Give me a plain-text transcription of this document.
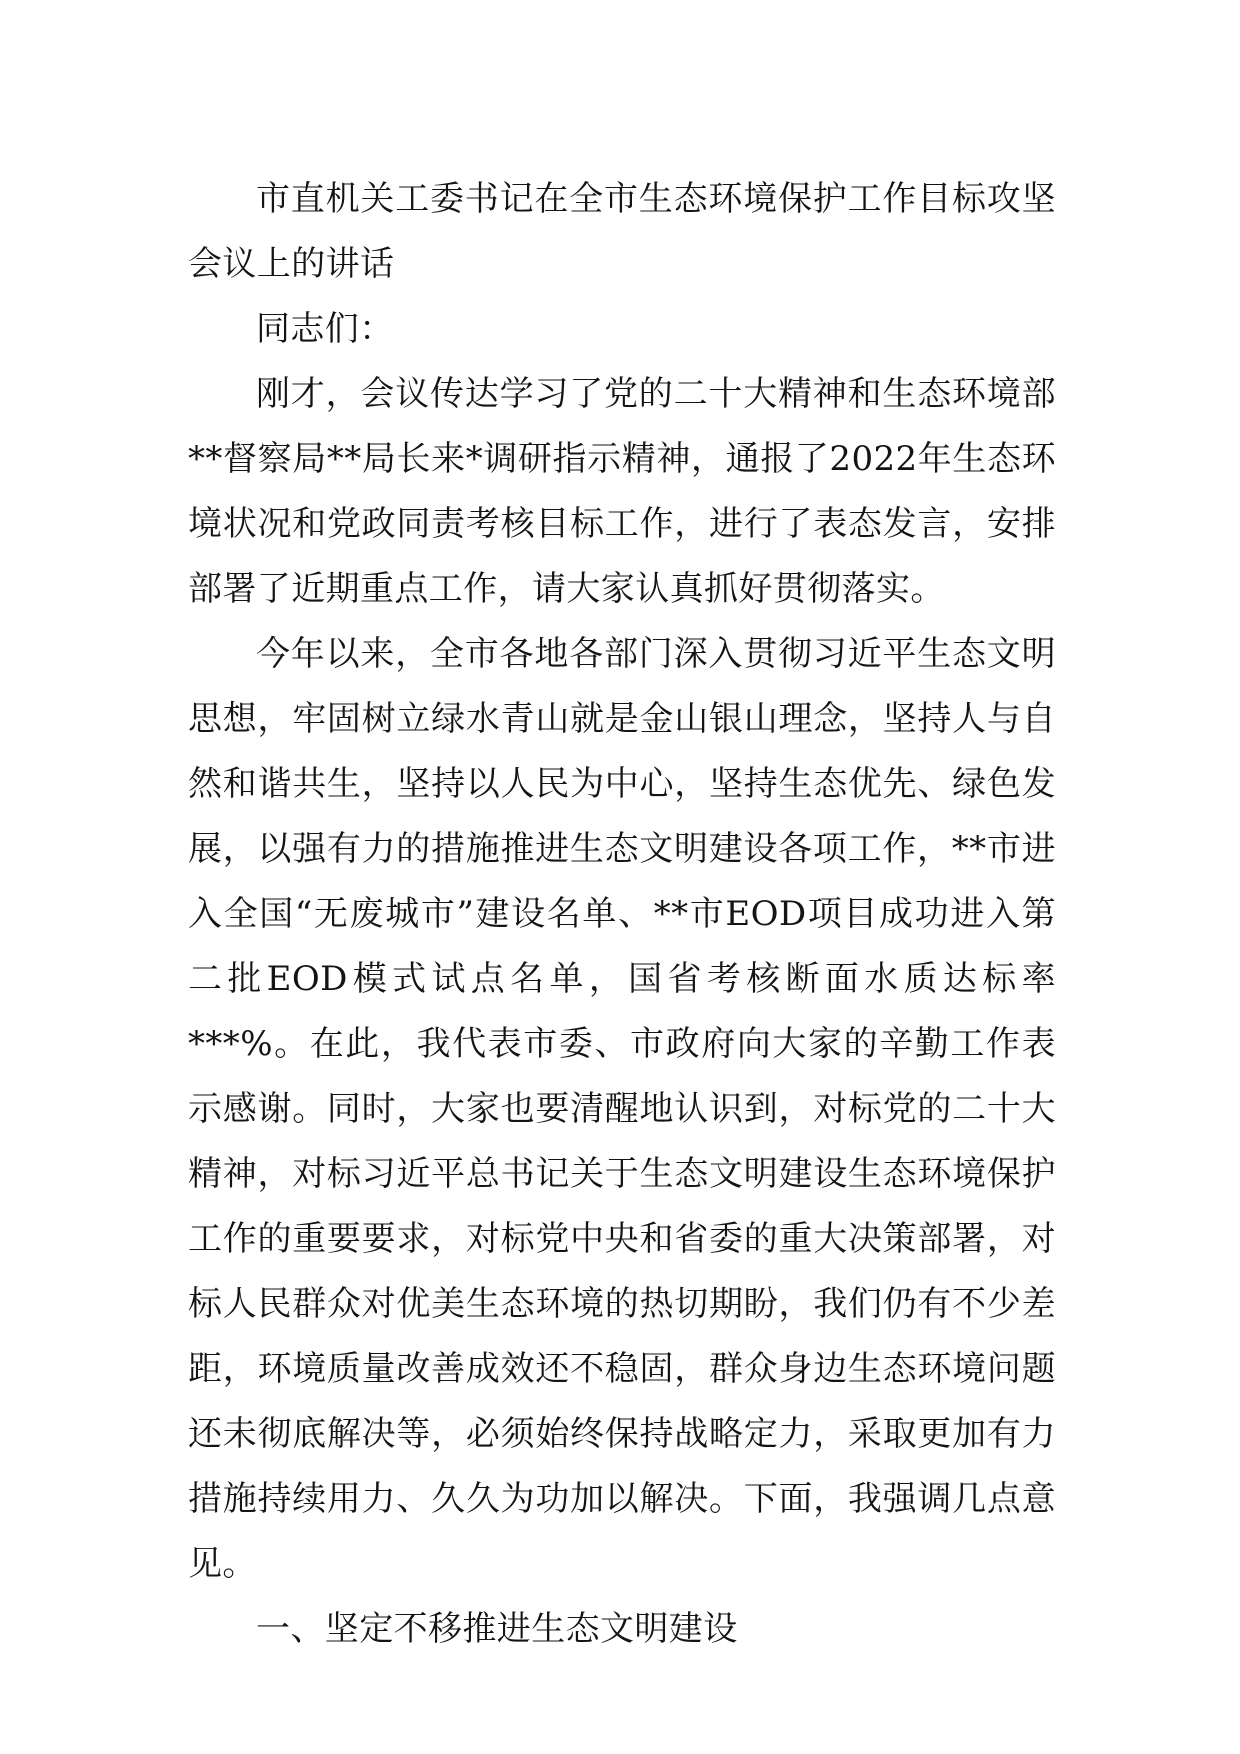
市直机关工委书记在全市生态环境保护工作目标攻坚会议上的讲话

同志们：

刚才，会议传达学习了党的二十大精神和生态环境部**督察局**局长来*调研指示精神，通报了2022年生态环境状况和党政同责考核目标工作，进行了表态发言，安排部署了近期重点工作，请大家认真抓好贯彻落实。

今年以来，全市各地各部门深入贯彻习近平生态文明思想，牢固树立绿水青山就是金山银山理念，坚持人与自然和谐共生，坚持以人民为中心，坚持生态优先、绿色发展，以强有力的措施推进生态文明建设各项工作，**市进入全国“无废城市”建设名单、**市EOD项目成功进入第二批EOD模式试点名单，国省考核断面水质达标率***%。在此，我代表市委、市政府向大家的辛勤工作表示感谢。同时，大家也要清醒地认识到，对标党的二十大精神，对标习近平总书记关于生态文明建设生态环境保护工作的重要要求，对标党中央和省委的重大决策部署，对标人民群众对优美生态环境的热切期盼，我们仍有不少差距，环境质量改善成效还不稳固，群众身边生态环境问题还未彻底解决等，必须始终保持战略定力，采取更加有力措施持续用力、久久为功加以解决。下面，我强调几点意见。

一、坚定不移推进生态文明建设
